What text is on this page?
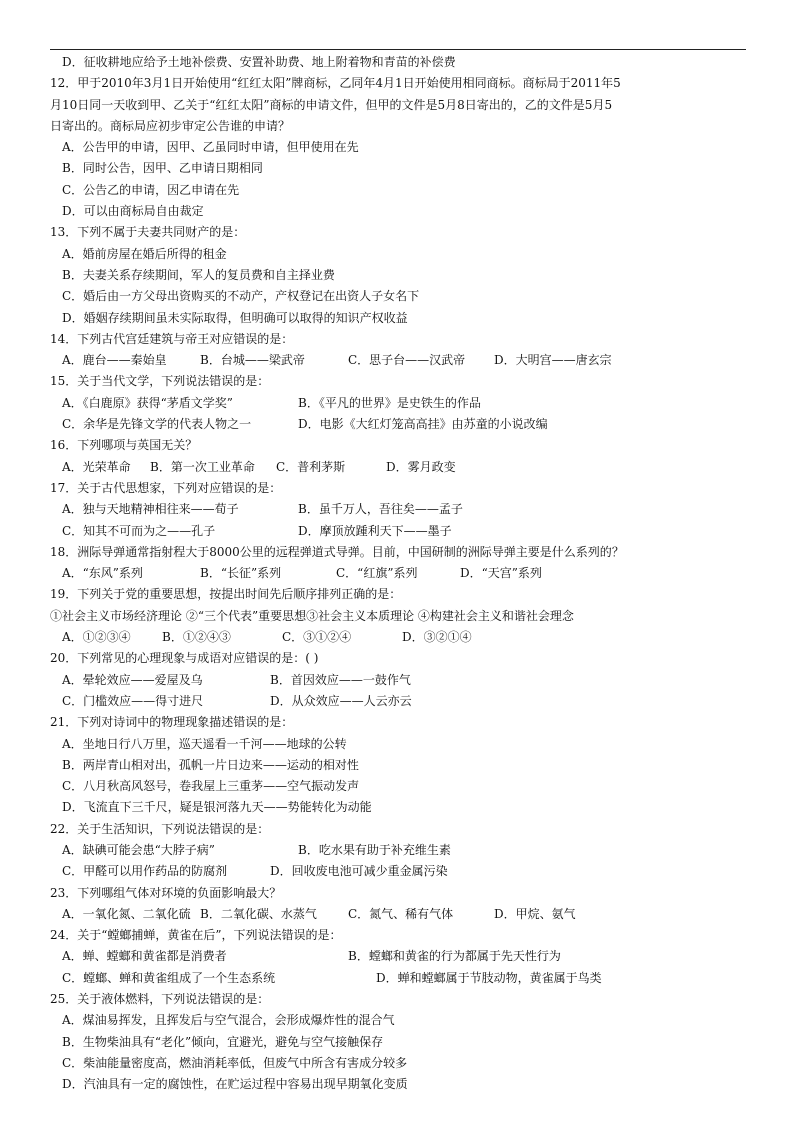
D．征收耕地应给予土地补偿费、安置补助费、地上附着物和青苗的补偿费
12．甲于2010年3月1日开始使用“红红太阳”牌商标，乙同年4月1日开始使用相同商标。商标局于2011年5
月10日同一天收到甲、乙关于“红红太阳”商标的申请文件，但甲的文件是5月8日寄出的，乙的文件是5月5
日寄出的。商标局应初步审定公告谁的申请？
A．公告甲的申请，因甲、乙虽同时申请，但甲使用在先
B．同时公告，因甲、乙申请日期相同
C．公告乙的申请，因乙申请在先
D．可以由商标局自由裁定
13．下列不属于夫妻共同财产的是：
A．婚前房屋在婚后所得的租金
B．夫妻关系存续期间，军人的复员费和自主择业费
C．婚后由一方父母出资购买的不动产，产权登记在出资人子女名下
D．婚姻存续期间虽未实际取得，但明确可以取得的知识产权收益
14．下列古代宫廷建筑与帝王对应错误的是：
A．鹿台——秦始皇	B．台城——梁武帝	C．思子台——汉武帝 D．大明宫——唐玄宗
15．关于当代文学，下列说法错误的是：
A．《白鹿原》获得“茅盾文学奖”	B．《平凡的世界》是史铁生的作品
C．余华是先锋文学的代表人物之一	D．电影《大红灯笼高高挂》由苏童的小说改编
16．下列哪项与英国无关？
A．光荣革命 B．第一次工业革命 C．普利茅斯	D．雾月政变
17．关于古代思想家，下列对应错误的是：
A．独与天地精神相往来——荀子	B．虽千万人，吾往矣——孟子
C．知其不可而为之——孔子	D．摩顶放踵利天下——墨子
18．洲际导弹通常指射程大于8000公里的远程弹道式导弹。目前，中国研制的洲际导弹主要是什么系列的？
A．“东风”系列	B．“长征”系列	C．“红旗”系列	D．“天宫”系列
19．下列关于党的重要思想，按提出时间先后顺序排列正确的是：
①社会主义市场经济理论 ②“三个代表”重要思想③社会主义本质理论 ④构建社会主义和谐社会理念
A．①②③④	B．①②④③	C．③①②④	D．③②①④
20．下列常见的心理现象与成语对应错误的是：( )
A．晕轮效应——爱屋及乌	B．首因效应——一鼓作气
C．门槛效应——得寸进尺	D．从众效应——人云亦云
21．下列对诗词中的物理现象描述错误的是：
A．坐地日行八万里，巡天遥看一千河——地球的公转
B．两岸青山相对出，孤帆一片日边来——运动的相对性
C．八月秋高风怒号，卷我屋上三重茅——空气振动发声
D．飞流直下三千尺，疑是银河落九天——势能转化为动能
22．关于生活知识，下列说法错误的是：
A．缺碘可能会患“大脖子病”	B．吃水果有助于补充维生素
C．甲醛可以用作药品的防腐剂	D．回收废电池可减少重金属污染
23．下列哪组气体对环境的负面影响最大？
A．一氧化氮、二氧化硫 B．二氧化碳、水蒸气	C．氮气、稀有气体	D．甲烷、氨气
24．关于“螳螂捕蝉，黄雀在后”，下列说法错误的是：
A．蝉、螳螂和黄雀都是消费者	B．螳螂和黄雀的行为都属于先天性行为
C．螳螂、蝉和黄雀组成了一个生态系统	D．蝉和螳螂属于节肢动物，黄雀属于鸟类
25．关于液体燃料，下列说法错误的是：
A．煤油易挥发，且挥发后与空气混合，会形成爆炸性的混合气
B．生物柴油具有“老化”倾向，宜避光，避免与空气接触保存
C．柴油能量密度高，燃油消耗率低，但废气中所含有害成分较多
D．汽油具有一定的腐蚀性，在贮运过程中容易出现早期氧化变质
